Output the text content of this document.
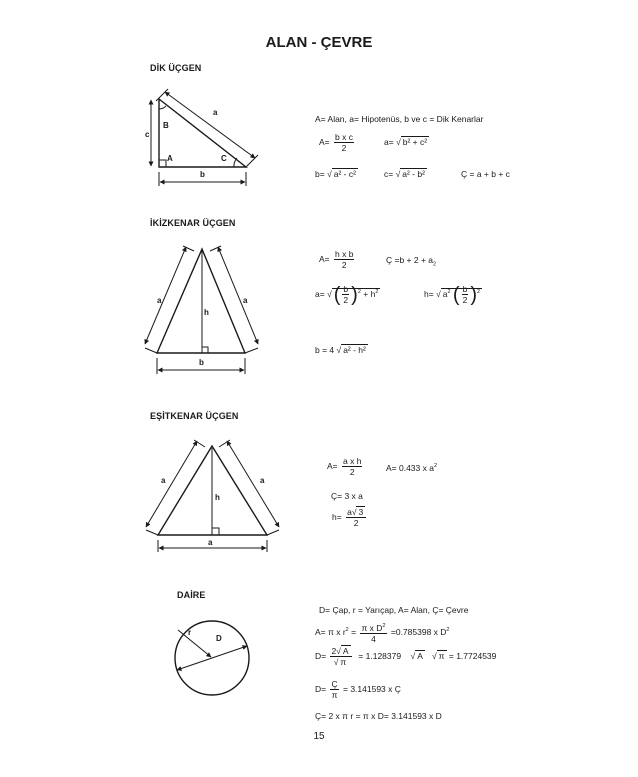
ALAN - ÇEVRE
DİK ÜÇGEN
a
B
c
A	C
b
A= Alan, a= Hipotenüs, b ve c = Dik Kenarlar
$A= \frac{\text{b x c}}{2}$	a= √ b² + c²
b= √ a² - c²	c= √ a² - b²	Ç = a + b + c
İKİZKENAR ÜÇGEN
a	a
h
b
$A= \frac{\text{h x b}}{2}$	Ç $=b + 2 + a_2$
a= √ ( $\frac{b}{2} )^2 + h^2$	h= √ $a^2$ ( $\frac{b}{2} )^2$
b = 4 √ a² - h²
EŞİTKENAR ÜÇGEN
a	a
h
a
$A= \frac{\text{a x h}}{2}$	A= 0.433 x $a^2$
Ç= 3 x a
$h= \frac{a√ 3}{2}$
DAİRE
r
D
D= Çap, r = Yarıçap, A= Alan, Ç= Çevre
A= π x $r^2 = \frac{\pi x D^2}{4} =0.785398$ x $D^2$
$D= \frac{2√ A}{√ \pi} = 1.128379$    √ A   √ π = 1.7724539
$D= \frac{Ç}{\pi} = 3.141593$ x Ç
Ç= 2 x π r = π x D= 3.141593 x D
15
